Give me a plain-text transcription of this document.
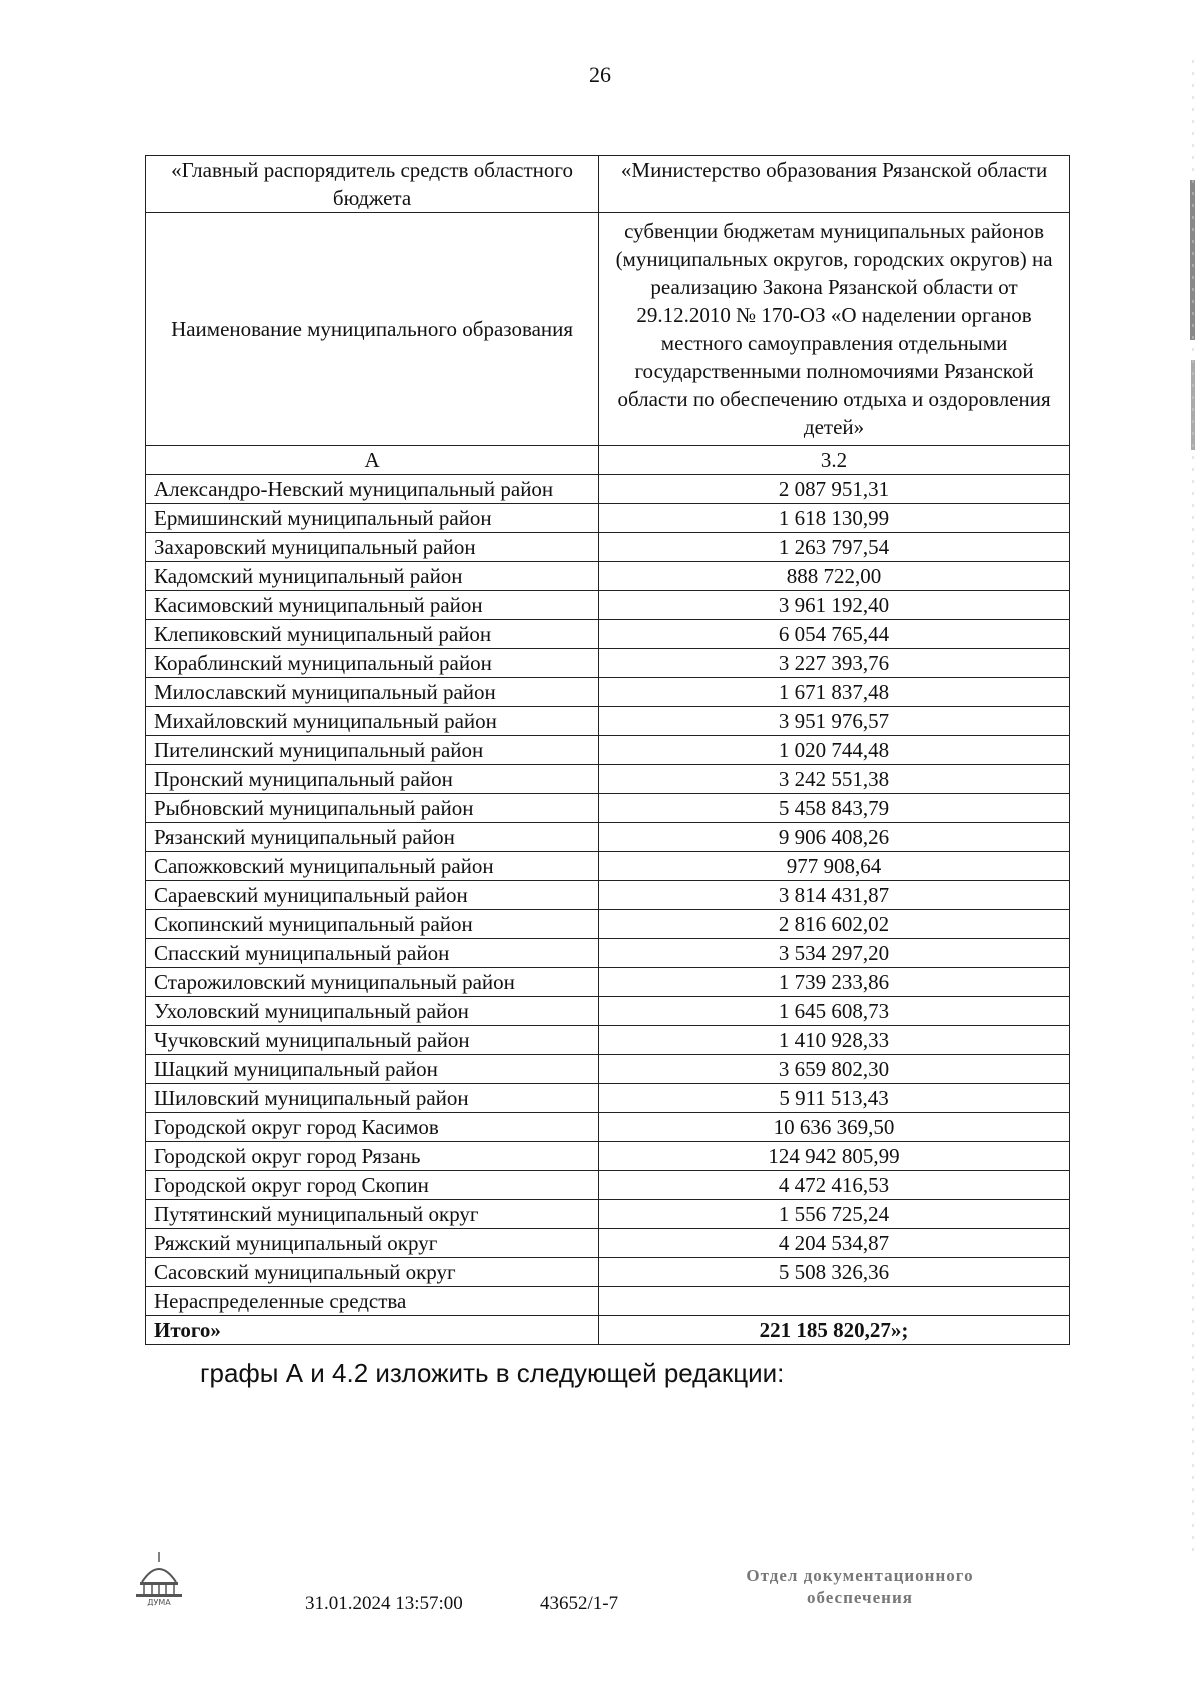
26
«Главный распорядитель средств областного бюджета	«Министерство образования Рязанской области
Наименование муниципального образования	субвенции бюджетам муниципальных районов (муниципальных округов, городских округов) на реализацию Закона Рязанской области от 29.12.2010 № 170-ОЗ «О наделении органов местного самоуправления отдельными государственными полномочиями Рязанской области по обеспечению отдыха и оздоровления детей»
А	3.2
Александро-Невский муниципальный район	2 087 951,31
Ермишинский муниципальный район	1 618 130,99
Захаровский муниципальный район	1 263 797,54
Кадомский муниципальный район	888 722,00
Касимовский муниципальный район	3 961 192,40
Клепиковский муниципальный район	6 054 765,44
Кораблинский муниципальный район	3 227 393,76
Милославский муниципальный район	1 671 837,48
Михайловский муниципальный район	3 951 976,57
Пителинский муниципальный район	1 020 744,48
Пронский муниципальный район	3 242 551,38
Рыбновский муниципальный район	5 458 843,79
Рязанский муниципальный район	9 906 408,26
Сапожковский муниципальный район	977 908,64
Сараевский муниципальный район	3 814 431,87
Скопинский муниципальный район	2 816 602,02
Спасский муниципальный район	3 534 297,20
Старожиловский муниципальный район	1 739 233,86
Ухоловский муниципальный район	1 645 608,73
Чучковский муниципальный район	1 410 928,33
Шацкий муниципальный район	3 659 802,30
Шиловский муниципальный район	5 911 513,43
Городской округ город Касимов	10 636 369,50
Городской округ город Рязань	124 942 805,99
Городской округ город Скопин	4 472 416,53
Путятинский муниципальный округ	1 556 725,24
Ряжский муниципальный округ	4 204 534,87
Сасовский муниципальный округ	5 508 326,36
Нераспределенные средства	
Итого»	221 185 820,27»;
графы А и 4.2 изложить в следующей редакции:
ДУМА	31.01.2024 13:57:00	43652/1-7
Отдел документационного
обеспечения
